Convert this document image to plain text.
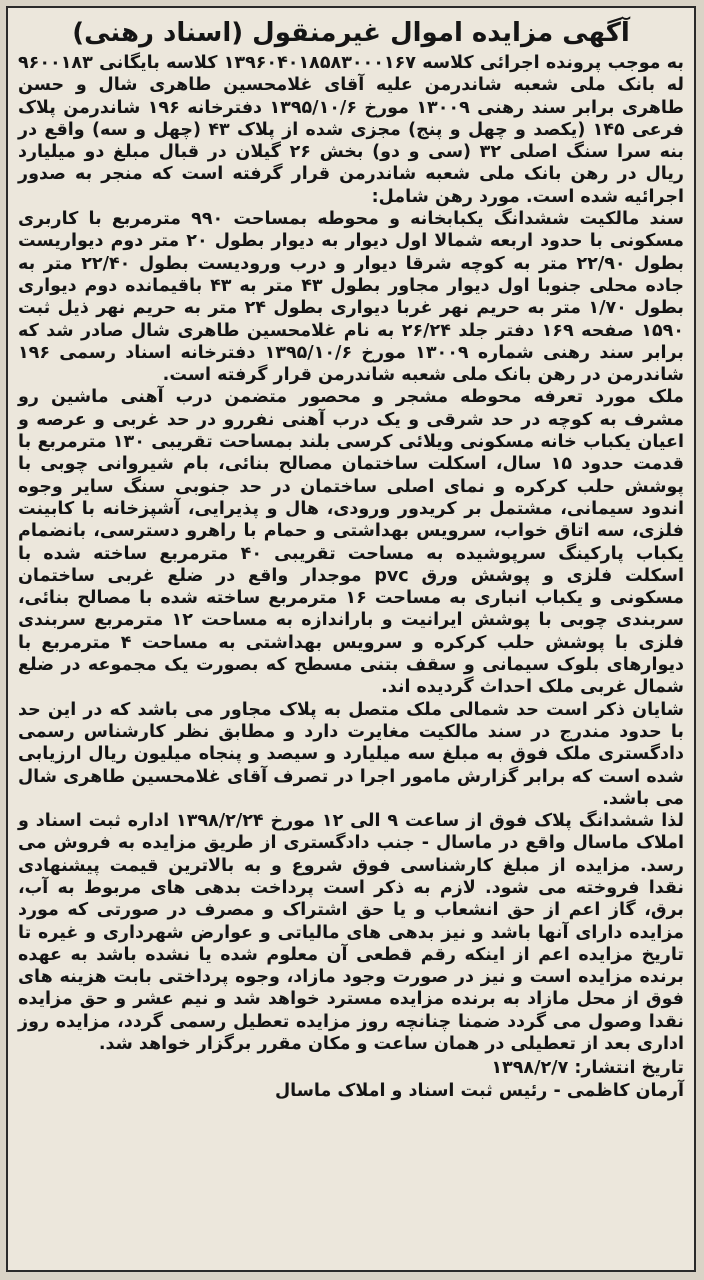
آگهی مزایده اموال غیرمنقول (اسناد رهنی)

به موجب پرونده اجرائی کلاسه ۱۳۹۶۰۴۰۱۸۵۸۳۰۰۰۱۶۷ کلاسه بایگانی ۹۶۰۰۱۸۳ له بانک ملی شعبه شاندرمن علیه آقای غلامحسین طاهری شال و حسن طاهری برابر سند رهنی ۱۳۰۰۹ مورخ ۱۳۹۵/۱۰/۶ دفترخانه ۱۹۶ شاندرمن پلاک فرعی ۱۴۵ (یکصد و چهل و پنج) مجزی شده از پلاک ۴۳ (چهل و سه) واقع در بنه سرا سنگ اصلی ۳۲ (سی و دو) بخش ۲۶ گیلان در قبال مبلغ دو میلیارد ریال در رهن بانک ملی شعبه شاندرمن قرار گرفته است که منجر به صدور اجرائیه شده است. مورد رهن شامل:

سند مالکیت ششدانگ یکبابخانه و محوطه بمساحت ۹۹۰ مترمربع با کاربری مسکونی با حدود اربعه شمالا اول دیوار به دیوار بطول ۲۰ متر دوم دیواریست بطول ۲۲/۹۰ متر به کوچه شرقا دیوار و درب ورودیست بطول ۲۲/۴۰ متر به جاده محلی جنوبا اول دیوار مجاور بطول ۴۳ متر به ۴۳ باقیمانده دوم دیواری بطول ۱/۷۰ متر به حریم نهر غربا دیواری بطول ۲۴ متر به حریم نهر ذیل ثبت ۱۵۹۰ صفحه ۱۶۹ دفتر جلد ۲۶/۲۴ به نام غلامحسین طاهری شال صادر شد که برابر سند رهنی شماره ۱۳۰۰۹ مورخ ۱۳۹۵/۱۰/۶ دفترخانه اسناد رسمی ۱۹۶ شاندرمن در رهن بانک ملی شعبه شاندرمن قرار گرفته است.

ملک مورد تعرفه محوطه مشجر و محصور متضمن درب آهنی ماشین رو مشرف به کوچه در حد شرقی و یک درب آهنی نفررو در حد غربی و عرصه و اعیان یکباب خانه مسکونی ویلائی کرسی بلند بمساحت تقریبی ۱۳۰ مترمربع با قدمت حدود ۱۵ سال، اسکلت ساختمان مصالح بنائی، بام شیروانی چوبی با پوشش حلب کرکره و نمای اصلی ساختمان در حد جنوبی سنگ سایر وجوه اندود سیمانی، مشتمل بر کریدور ورودی، هال و پذیرایی، آشپزخانه با کابینت فلزی، سه اتاق خواب، سرویس بهداشتی و حمام با راهرو دسترسی، بانضمام یکباب پارکینگ سرپوشیده به مساحت تقریبی ۴۰ مترمربع ساخته شده با اسکلت فلزی و پوشش ورق pvc موجدار واقع در ضلع غربی ساختمان مسکونی و یکباب انباری به مساحت ۱۶ مترمربع ساخته شده با مصالح بنائی، سربندی چوبی با پوشش ایرانیت و باراندازه به مساحت ۱۲ مترمربع سربندی فلزی با پوشش حلب کرکره و سرویس بهداشتی به مساحت ۴ مترمربع با دیوارهای بلوک سیمانی و سقف بتنی مسطح که بصورت یک مجموعه در ضلع شمال غربی ملک احداث گردیده اند.

شایان ذکر است حد شمالی ملک متصل به پلاک مجاور می باشد که در این حد با حدود مندرج در سند مالکیت مغایرت دارد و مطابق نظر کارشناس رسمی دادگستری ملک فوق به مبلغ سه میلیارد و سیصد و پنجاه میلیون ریال ارزیابی شده است که برابر گزارش مامور اجرا در تصرف آقای غلامحسین طاهری شال می باشد.

لذا ششدانگ پلاک فوق از ساعت ۹ الی ۱۲ مورخ ۱۳۹۸/۲/۲۴ اداره ثبت اسناد و املاک ماسال واقع در ماسال - جنب دادگستری از طریق مزایده به فروش می رسد. مزایده از مبلغ کارشناسی فوق شروع و به بالاترین قیمت پیشنهادی نقدا فروخته می شود. لازم به ذکر است پرداخت بدهی های مربوط به آب، برق، گاز اعم از حق انشعاب و یا حق اشتراک و مصرف در صورتی که مورد مزایده دارای آنها باشد و نیز بدهی های مالیاتی و عوارض شهرداری و غیره تا تاریخ مزایده اعم از اینکه رقم قطعی آن معلوم شده یا نشده باشد به عهده برنده مزایده است و نیز در صورت وجود مازاد، وجوه پرداختی بابت هزینه های فوق از محل مازاد به برنده مزایده مسترد خواهد شد و نیم عشر و حق مزایده نقدا وصول می گردد ضمنا چنانچه روز مزایده تعطیل رسمی گردد، مزایده روز اداری بعد از تعطیلی در همان ساعت و مکان مقرر برگزار خواهد شد.

تاریخ انتشار: ۱۳۹۸/۲/۷

آرمان کاظمی - رئیس ثبت اسناد و املاک ماسال
